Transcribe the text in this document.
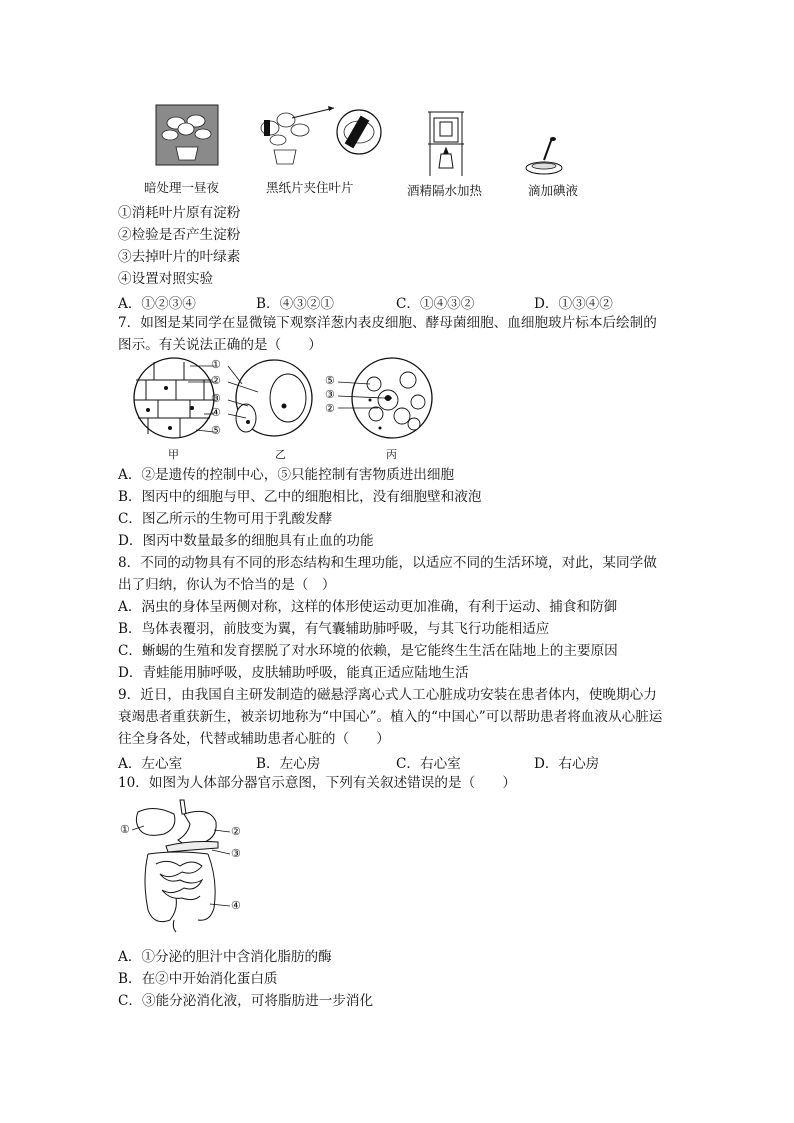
暗处理一昼夜	黑纸片夹住叶片	酒精隔水加热	滴加碘液
①消耗叶片原有淀粉
②检验是否产生淀粉
③去掉叶片的叶绿素
④设置对照实验
A．①②③④	B．④③②①	C．①④③②	D．①③④②
7．如图是某同学在显微镜下观察洋葱内表皮细胞、酵母菌细胞、血细胞玻片标本后绘制的
图示。有关说法正确的是（　　）
①
②
③
④
⑤
⑤
③
②
甲	乙	丙
A．②是遗传的控制中心，⑤只能控制有害物质进出细胞
B．图丙中的细胞与甲、乙中的细胞相比，没有细胞壁和液泡
C．图乙所示的生物可用于乳酸发酵
D．图丙中数量最多的细胞具有止血的功能
8．不同的动物具有不同的形态结构和生理功能，以适应不同的生活环境，对此，某同学做
出了归纳，你认为不恰当的是（　）
A．涡虫的身体呈两侧对称，这样的体形使运动更加准确，有利于运动、捕食和防御
B．鸟体表覆羽，前肢变为翼，有气囊辅助肺呼吸，与其飞行功能相适应
C．蜥蜴的生殖和发育摆脱了对水环境的依赖，是它能终生生活在陆地上的主要原因
D．青蛙能用肺呼吸，皮肤辅助呼吸，能真正适应陆地生活
9．近日，由我国自主研发制造的磁悬浮离心式人工心脏成功安装在患者体内，使晚期心力
衰竭患者重获新生，被亲切地称为“中国心”。植入的“中国心”可以帮助患者将血液从心脏运
往全身各处，代替或辅助患者心脏的（　　）
A．左心室	B．左心房	C．右心室	D．右心房
10．如图为人体部分器官示意图，下列有关叙述错误的是（　　）
①	②
③
④
A．①分泌的胆汁中含消化脂肪的酶
B．在②中开始消化蛋白质
C．③能分泌消化液，可将脂肪进一步消化
